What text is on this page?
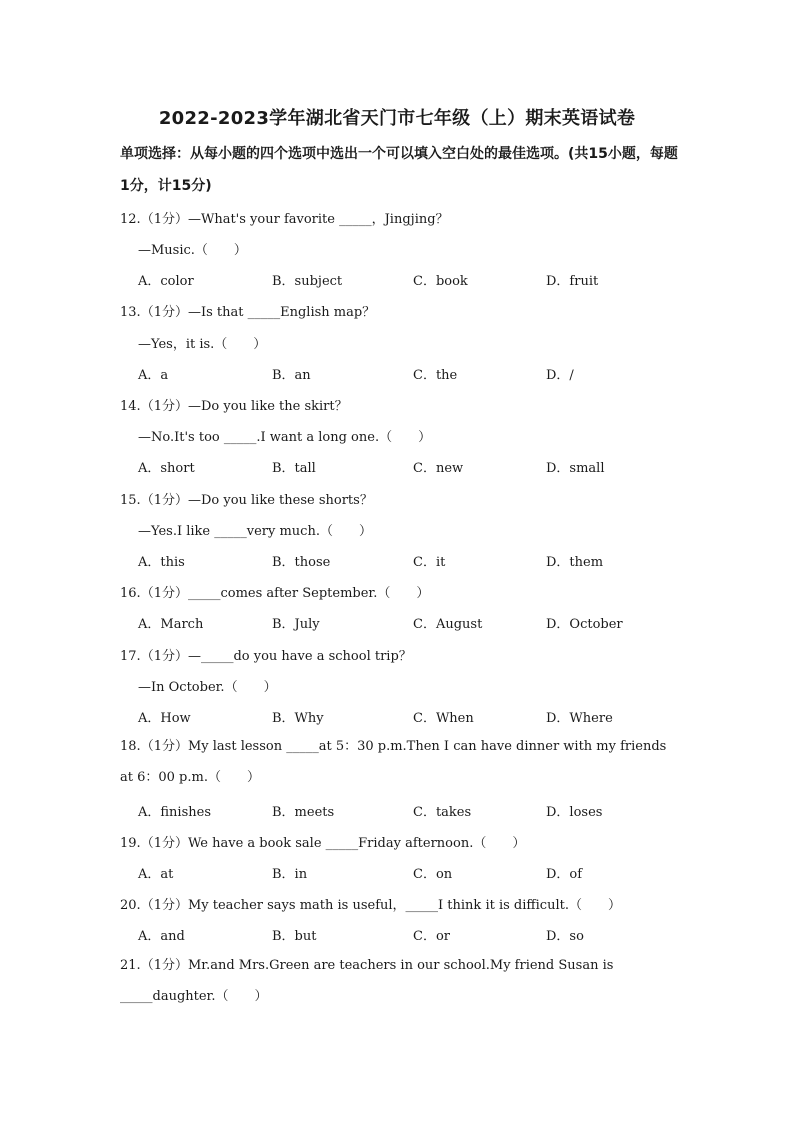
2022-2023学年湖北省天门市七年级（上）期末英语试卷
单项选择：从每小题的四个选项中选出一个可以填入空白处的最佳选项。(共15小题，每题1分，计15分)
12.（1分）—What's your favorite _____，Jingjing？
—Music.（　　）
A．color	B．subject	C．book	D．fruit
13.（1分）—Is that _____English map？
—Yes，it is.（　　）
A．a	B．an	C．the	D．/
14.（1分）—Do you like the skirt？
—No.It's too _____.I want a long one.（　　）
A．short	B．tall	C．new	D．small
15.（1分）—Do you like these shorts？
—Yes.I like _____very much.（　　）
A．this	B．those	C．it	D．them
16.（1分）_____comes after September.（　　）
A．March	B．July	C．August	D．October
17.（1分）—_____do you have a school trip？
—In October.（　　）
A．How	B．Why	C．When	D．Where
18.（1分）My last lesson _____at 5：30 p.m.Then I can have dinner with my friends at 6：00 p.m.（　　）
A．finishes	B．meets	C．takes	D．loses
19.（1分）We have a book sale _____Friday afternoon.（　　）
A．at	B．in	C．on	D．of
20.（1分）My teacher says math is useful，_____I think it is difficult.（　　）
A．and	B．but	C．or	D．so
21.（1分）Mr.and Mrs.Green are teachers in our school.My friend Susan is _____daughter.（　　）
